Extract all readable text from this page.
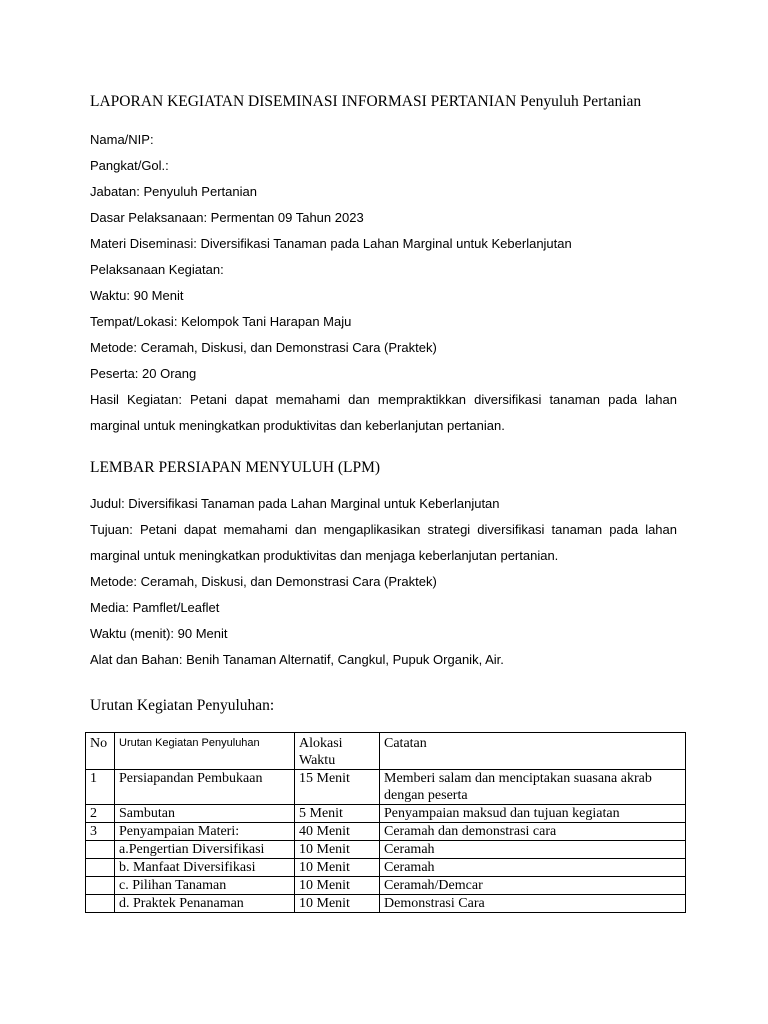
LAPORAN KEGIATAN DISEMINASI INFORMASI PERTANIAN Penyuluh Pertanian
Nama/NIP:
Pangkat/Gol.:
Jabatan: Penyuluh Pertanian
Dasar Pelaksanaan: Permentan 09 Tahun 2023
Materi Diseminasi: Diversifikasi Tanaman pada Lahan Marginal untuk Keberlanjutan
Pelaksanaan Kegiatan:
Waktu: 90 Menit
Tempat/Lokasi: Kelompok Tani Harapan Maju
Metode: Ceramah, Diskusi, dan Demonstrasi Cara (Praktek)
Peserta: 20 Orang
Hasil Kegiatan: Petani dapat memahami dan mempraktikkan diversifikasi tanaman pada lahan marginal untuk meningkatkan produktivitas dan keberlanjutan pertanian.
LEMBAR PERSIAPAN MENYULUH (LPM)
Judul: Diversifikasi Tanaman pada Lahan Marginal untuk Keberlanjutan
Tujuan: Petani dapat memahami dan mengaplikasikan strategi diversifikasi tanaman pada lahan marginal untuk meningkatkan produktivitas dan menjaga keberlanjutan pertanian.
Metode: Ceramah, Diskusi, dan Demonstrasi Cara (Praktek)
Media: Pamflet/Leaflet
Waktu (menit): 90 Menit
Alat dan Bahan: Benih Tanaman Alternatif, Cangkul, Pupuk Organik, Air.
Urutan Kegiatan Penyuluhan:
No	Urutan Kegiatan Penyuluhan	Alokasi Waktu	Catatan
1	Persiapandan Pembukaan	15 Menit	Memberi salam dan menciptakan suasana akrab dengan peserta
2	Sambutan	5 Menit	Penyampaian maksud dan tujuan kegiatan
3	Penyampaian Materi:	40 Menit	Ceramah dan demonstrasi cara
	a.Pengertian Diversifikasi	10 Menit	Ceramah
	b. Manfaat Diversifikasi	10 Menit	Ceramah
	c. Pilihan Tanaman	10 Menit	Ceramah/Demcar
	d. Praktek Penanaman	10 Menit	Demonstrasi Cara
